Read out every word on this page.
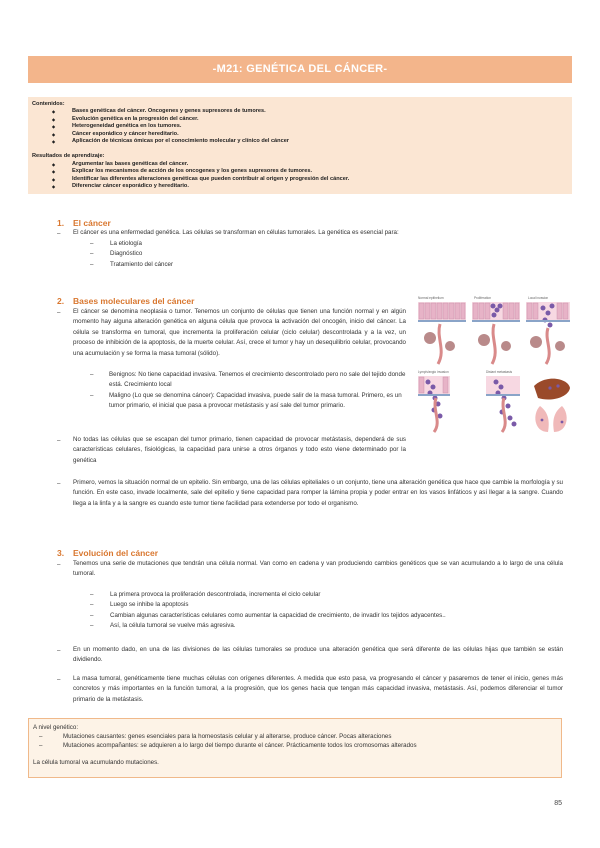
-M21: GENÉTICA DEL CÁNCER-

Contenidos:

◆ Bases genéticas del cáncer. Oncogenes y genes supresores de tumores.
◆ Evolución genética en la progresión del cáncer.
◆ Heterogeneidad genética en los tumores.
◆ Cáncer esporádico y cáncer hereditario.
◆ Aplicación de técnicas ómicas por el conocimiento molecular y clínico del cáncer

Resultados de aprendizaje:

◆ Argumentar las bases genéticas del cáncer.
◆ Explicar los mecanismos de acción de los oncogenes y los genes supresores de tumores.
◆ Identificar las diferentes alteraciones genéticas que pueden contribuir al origen y progresión del cáncer.
◆ Diferenciar cáncer esporádico y hereditario.
1. El cáncer
– El cáncer es una enfermedad genética. Las células se transforman en células tumorales. La genética es esencial para:
– La etiología
– Diagnóstico
– Tratamiento del cáncer
2. Bases moleculares del cáncer
– El cáncer se denomina neoplasia o tumor. Tenemos un conjunto de células que tienen una función normal y en algún momento hay alguna alteración genética en alguna célula que provoca la activación del oncogén, inicio del cáncer. La célula se transforma en tumoral, que incrementa la proliferación celular (ciclo celular) descontrolada y a la vez, un proceso de inhibición de la apoptosis, de la muerte celular. Así, crece el tumor y hay un desequilibrio celular, provocando una acumulación y se forma la masa tumoral (sólido).
– Benignos: No tiene capacidad invasiva. Tenemos el crecimiento descontrolado pero no sale del tejido donde está. Crecimiento local
– Maligno (Lo que se denomina cáncer): Capacidad invasiva, puede salir de la masa tumoral. Primero, es un tumor primario, el inicial que pasa a provocar metástasis y así sale del tumor primario.
– No todas las células que se escapan del tumor primario, tienen capacidad de provocar metástasis, dependerá de sus características celulares, fisiológicas, la capacidad para unirse a otros órganos y todo esto viene determinado por la genética
– Primero, vemos la situación normal de un epitelio. Sin embargo, una de las células epiteliales o un conjunto, tiene una alteración genética que hace que cambie la morfología y su función. En este caso, invade localmente, sale del epitelio y tiene capacidad para romper la lámina propia y poder entrar en los vasos linfáticos y así llegar a la sangre. Cuando llega a la linfa y a la sangre es cuando este tumor tiene facilidad para extenderse por todo el organismo.
Normal epithelium	Proliferation	Local invasion
Lymph/angio invasion	Distant metastasis
3. Evolución del cáncer
– Tenemos una serie de mutaciones que tendrán una célula normal. Van como en cadena y van produciendo cambios genéticos que se van acumulando a lo largo de una célula tumoral.
– La primera provoca la proliferación descontrolada, incrementa el ciclo celular
– Luego se inhibe la apoptosis
– Cambian algunas características celulares como aumentar la capacidad de crecimiento, de invadir los tejidos adyacentes..
– Así, la célula tumoral se vuelve más agresiva.
– En un momento dado, en una de las divisiones de las células tumorales se produce una alteración genética que será diferente de las células hijas que también se están dividiendo.
– La masa tumoral, genéticamente tiene muchas células con orígenes diferentes. A medida que esto pasa, va progresando el cáncer y pasaremos de tener el inicio, genes más concretos y más importantes en la función tumoral, a la progresión, que los genes hacia que tengan más capacidad invasiva, metástasis. Así, podemos diferenciar el tumor primario de la metástasis.
A nivel genético:
– Mutaciones causantes: genes esenciales para la homeostasis celular y al alterarse, produce cáncer. Pocas alteraciones
– Mutaciones acompañantes: se adquieren a lo largo del tiempo durante el cáncer. Prácticamente todos los cromosomas alterados
La célula tumoral va acumulando mutaciones.
85
